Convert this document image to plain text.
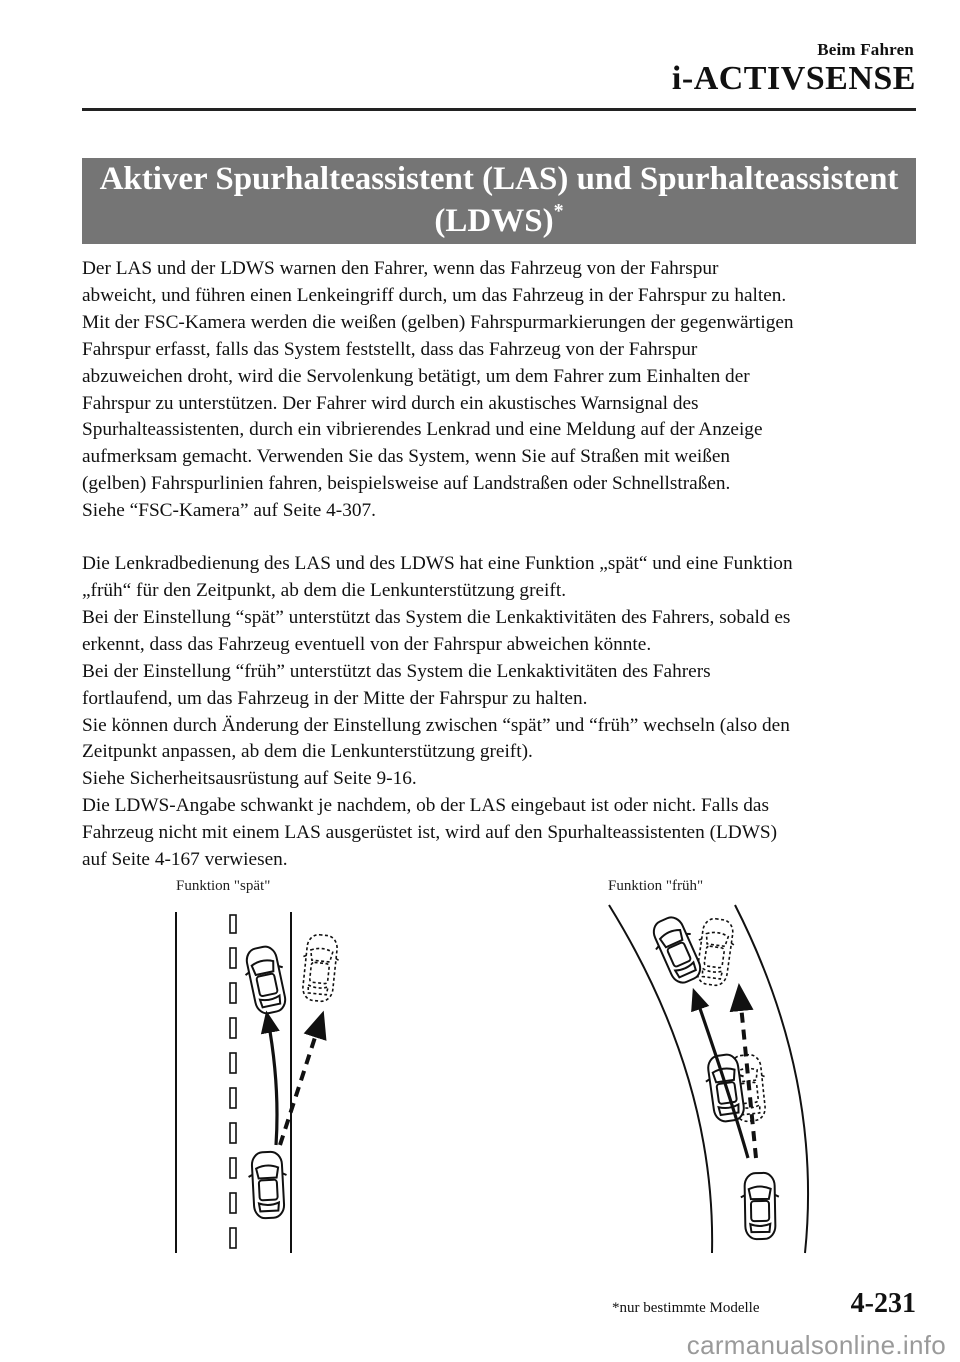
Beim Fahren
i-ACTIVSENSE
Aktiver Spurhalteassistent (LAS) und Spurhalteassistent
(LDWS)*

Der LAS und der LDWS warnen den Fahrer, wenn das Fahrzeug von der Fahrspur

abweicht, und führen einen Lenkeingriff durch, um das Fahrzeug in der Fahrspur zu halten.

Mit der FSC-Kamera werden die weißen (gelben) Fahrspurmarkierungen der gegenwärtigen

Fahrspur erfasst, falls das System feststellt, dass das Fahrzeug von der Fahrspur

abzuweichen droht, wird die Servolenkung betätigt, um dem Fahrer zum Einhalten der

Fahrspur zu unterstützen. Der Fahrer wird durch ein akustisches Warnsignal des

Spurhalteassistenten, durch ein vibrierendes Lenkrad und eine Meldung auf der Anzeige

aufmerksam gemacht. Verwenden Sie das System, wenn Sie auf Straßen mit weißen

(gelben) Fahrspurlinien fahren, beispielsweise auf Landstraßen oder Schnellstraßen.

Siehe “FSC-Kamera” auf Seite 4-307.

Die Lenkradbedienung des LAS und des LDWS hat eine Funktion „spät“ und eine Funktion

„früh“ für den Zeitpunkt, ab dem die Lenkunterstützung greift.

Bei der Einstellung “spät” unterstützt das System die Lenkaktivitäten des Fahrers, sobald es

erkennt, dass das Fahrzeug eventuell von der Fahrspur abweichen könnte.

Bei der Einstellung “früh” unterstützt das System die Lenkaktivitäten des Fahrers

fortlaufend, um das Fahrzeug in der Mitte der Fahrspur zu halten.

Sie können durch Änderung der Einstellung zwischen “spät” und “früh” wechseln (also den

Zeitpunkt anpassen, ab dem die Lenkunterstützung greift).

Siehe Sicherheitsausrüstung auf Seite 9-16.

Die LDWS-Angabe schwankt je nachdem, ob der LAS eingebaut ist oder nicht. Falls das

Fahrzeug nicht mit einem LAS ausgerüstet ist, wird auf den Spurhalteassistenten (LDWS)

auf Seite 4-167 verwiesen.

Funktion "spät"	Funktion "früh"
*nur bestimmte Modelle	4-231
carmanualsonline.info
